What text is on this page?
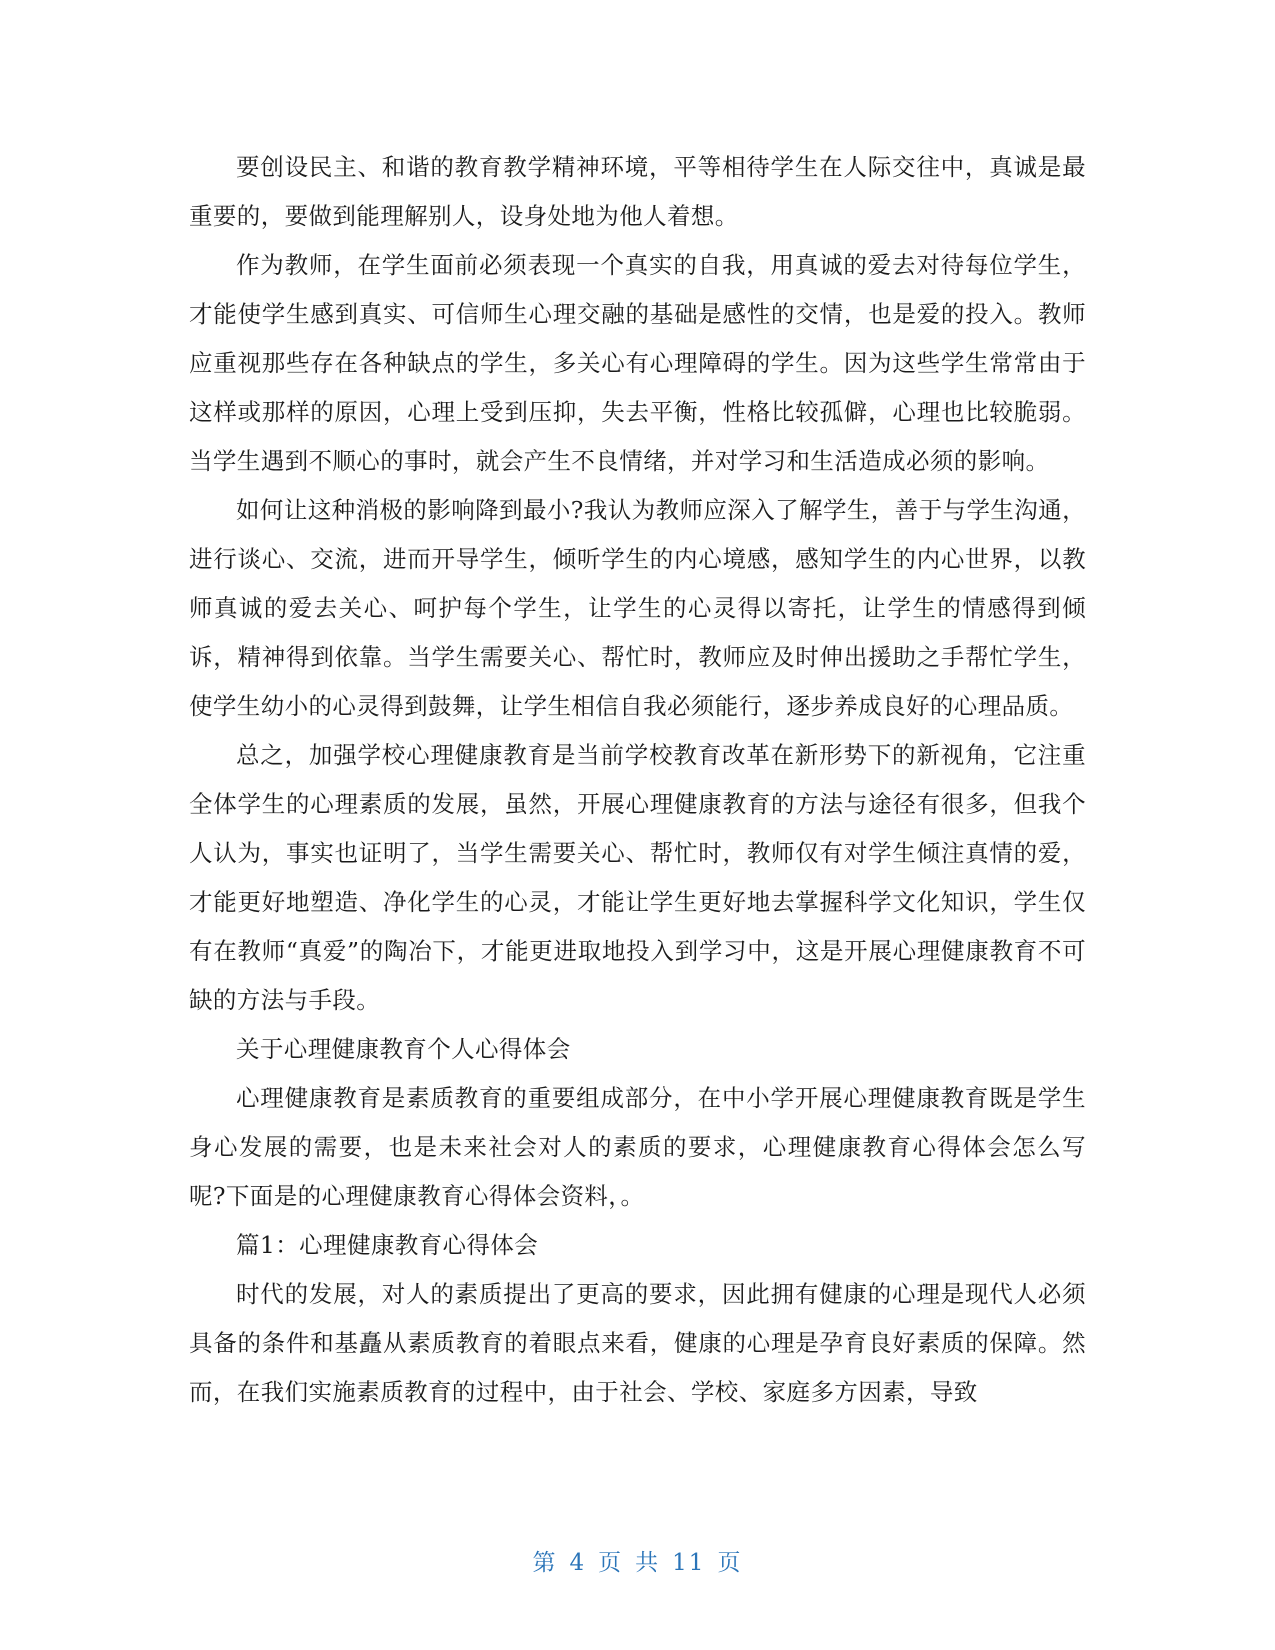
要创设民主、和谐的教育教学精神环境，平等相待学生在人际交往中，真诚是最重要的，要做到能理解别人，设身处地为他人着想。

作为教师，在学生面前必须表现一个真实的自我，用真诚的爱去对待每位学生，才能使学生感到真实、可信师生心理交融的基础是感性的交情，也是爱的投入。教师应重视那些存在各种缺点的学生，多关心有心理障碍的学生。因为这些学生常常由于这样或那样的原因，心理上受到压抑，失去平衡，性格比较孤僻，心理也比较脆弱。当学生遇到不顺心的事时，就会产生不良情绪，并对学习和生活造成必须的影响。

如何让这种消极的影响降到最小?我认为教师应深入了解学生，善于与学生沟通，进行谈心、交流，进而开导学生，倾听学生的内心境感，感知学生的内心世界，以教师真诚的爱去关心、呵护每个学生，让学生的心灵得以寄托，让学生的情感得到倾诉，精神得到依靠。当学生需要关心、帮忙时，教师应及时伸出援助之手帮忙学生，使学生幼小的心灵得到鼓舞，让学生相信自我必须能行，逐步养成良好的心理品质。

总之，加强学校心理健康教育是当前学校教育改革在新形势下的新视角，它注重全体学生的心理素质的发展，虽然，开展心理健康教育的方法与途径有很多，但我个人认为，事实也证明了，当学生需要关心、帮忙时，教师仅有对学生倾注真情的爱，才能更好地塑造、净化学生的心灵，才能让学生更好地去掌握科学文化知识，学生仅有在教师“真爱”的陶冶下，才能更进取地投入到学习中，这是开展心理健康教育不可缺的方法与手段。

关于心理健康教育个人心得体会

心理健康教育是素质教育的重要组成部分，在中小学开展心理健康教育既是学生身心发展的需要，也是未来社会对人的素质的要求，心理健康教育心得体会怎么写呢?下面是的心理健康教育心得体会资料，。

篇1：心理健康教育心得体会

时代的发展，对人的素质提出了更高的要求，因此拥有健康的心理是现代人必须具备的条件和基矗从素质教育的着眼点来看，健康的心理是孕育良好素质的保障。然而，在我们实施素质教育的过程中，由于社会、学校、家庭多方因素，导致

第 4 页 共 11 页
